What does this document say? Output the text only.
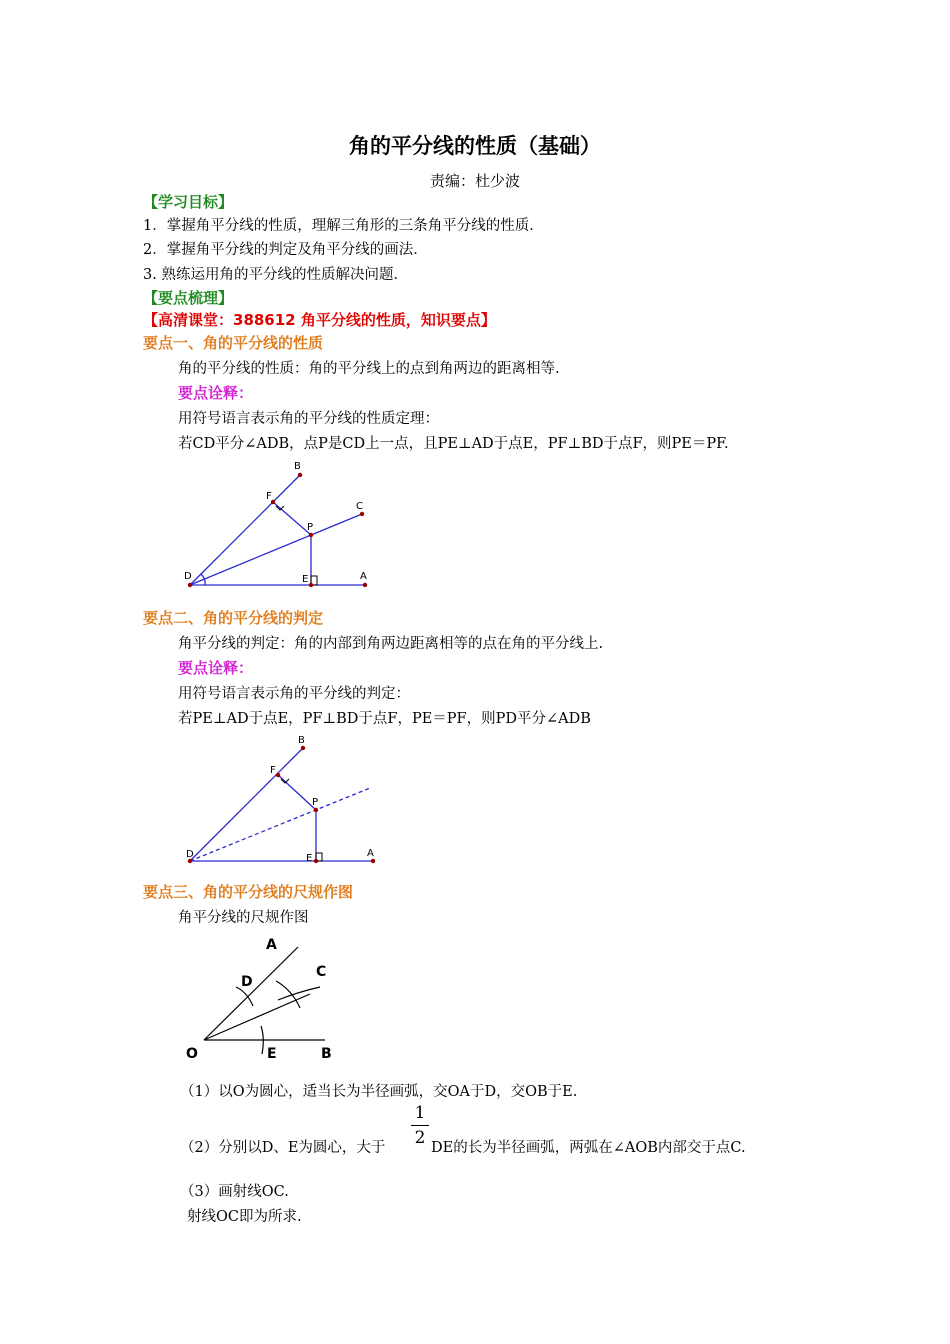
角的平分线的性质（基础）
责编：杜少波
【学习目标】
1．掌握角平分线的性质，理解三角形的三条角平分线的性质．
2．掌握角平分线的判定及角平分线的画法．
3. 熟练运用角的平分线的性质解决问题．
【要点梳理】
【高清课堂：388612 角平分线的性质，知识要点】
要点一、角的平分线的性质
角的平分线的性质：角的平分线上的点到角两边的距离相等.
要点诠释：
用符号语言表示角的平分线的性质定理：
若CD平分∠ADB，点P是CD上一点，且PE⊥AD于点E，PF⊥BD于点F，则PE＝PF.
B
F
C
P
D	E	A
要点二、角的平分线的判定
角平分线的判定：角的内部到角两边距离相等的点在角的平分线上.
要点诠释：
用符号语言表示角的平分线的判定：
若PE⊥AD于点E，PF⊥BD于点F，PE＝PF，则PD平分∠ADB
B
F
P
D	E	A
要点三、角的平分线的尺规作图
角平分线的尺规作图
A
C
D
O	E	B
（1）以O为圆心，适当长为半径画弧，交OA于D，交OB于E.
（2）分别以D、E为圆心，大于
1
2 DE的长为半径画弧，两弧在∠AOB内部交于点C.
（3）画射线OC.
射线OC即为所求.
